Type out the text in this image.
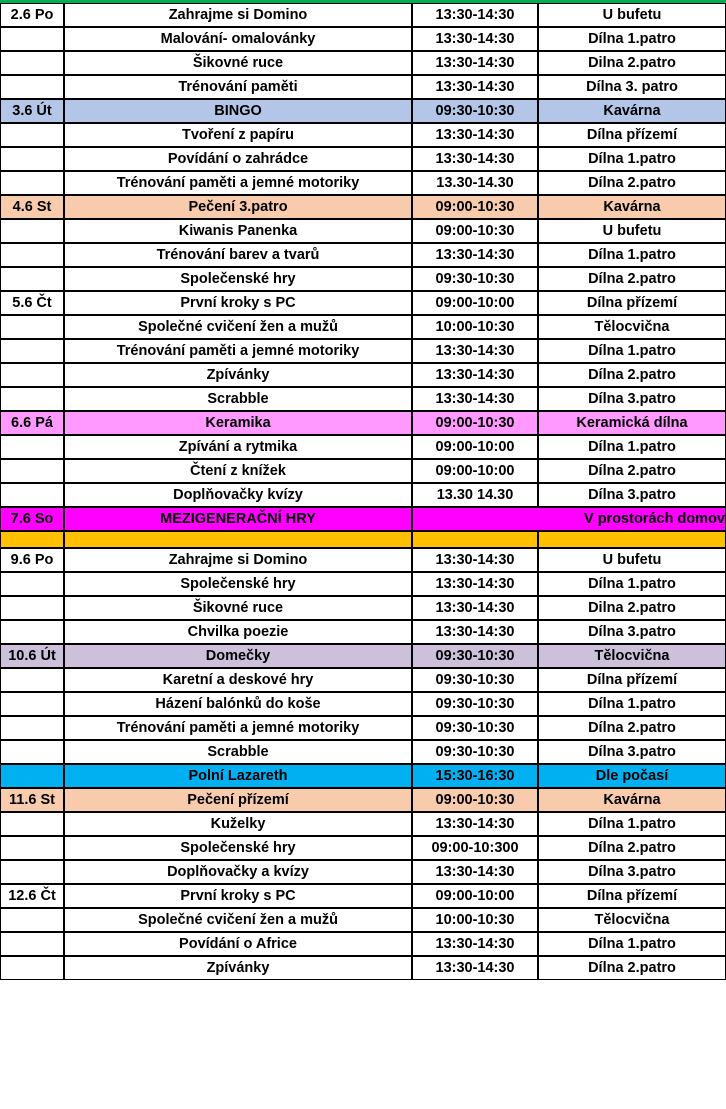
2.6 Po	Zahrajme si Domino	13:30-14:30	U bufetu
	Malování- omalovánky	13:30-14:30	Dílna 1.patro
	Šikovné ruce	13:30-14:30	Dilna 2.patro
	Trénování paměti	13:30-14:30	Dílna 3. patro
3.6 Út	BINGO	09:30-10:30	Kavárna
	Tvoření z papíru	13:30-14:30	Dílna přízemí
	Povídání o zahrádce	13:30-14:30	Dílna 1.patro
	Trénování paměti a jemné motoriky	13.30-14.30	Dílna 2.patro
4.6 St	Pečení 3.patro	09:00-10:30	Kavárna
	Kiwanis Panenka	09:00-10:30	U bufetu
	Trénování barev a tvarů	13:30-14:30	Dílna 1.patro
	Společenské hry	09:30-10:30	Dílna 2.patro
5.6 Čt	První kroky s PC	09:00-10:00	Dílna přízemí
	Společné cvičení žen a mužů	10:00-10:30	Tělocvična
	Trénování paměti a jemné motoriky	13:30-14:30	Dílna 1.patro
	Zpívánky	13:30-14:30	Dílna 2.patro
	Scrabble	13:30-14:30	Dílna 3.patro
6.6 Pá	Keramika	09:00-10:30	Keramická dílna
	Zpívání a rytmika	09:00-10:00	Dílna 1.patro
	Čtení z knížek	09:00-10:00	Dílna 2.patro
	Doplňovačky kvízy	13.30 14.30	Dílna 3.patro
7.6 So	MEZIGENERAČNÍ HRY		V prostorách domov

9.6 Po	Zahrajme si Domino	13:30-14:30	U bufetu
	Společenské hry	13:30-14:30	Dílna 1.patro
	Šikovné ruce	13:30-14:30	Dilna 2.patro
	Chvilka poezie	13:30-14:30	Dílna 3.patro
10.6 Út	Domečky	09:30-10:30	Tělocvična
	Karetní a deskové hry	09:30-10:30	Dílna přízemí
	Házení balónků do koše	09:30-10:30	Dílna 1.patro
	Trénování paměti a jemné motoriky	09:30-10:30	Dílna 2.patro
	Scrabble	09:30-10:30	Dílna 3.patro
	Polní Lazareth	15:30-16:30	Dle počasí
11.6 St	Pečení přízemí	09:00-10:30	Kavárna
	Kuželky	13:30-14:30	Dílna 1.patro
	Společenské hry	09:00-10:300	Dílna 2.patro
	Doplňovačky a kvízy	13:30-14:30	Dílna 3.patro
12.6 Čt	První kroky s PC	09:00-10:00	Dílna přízemí
	Společné cvičení žen a mužů	10:00-10:30	Tělocvična
	Povídání o Africe	13:30-14:30	Dílna 1.patro
	Zpívánky	13:30-14:30	Dílna 2.patro
